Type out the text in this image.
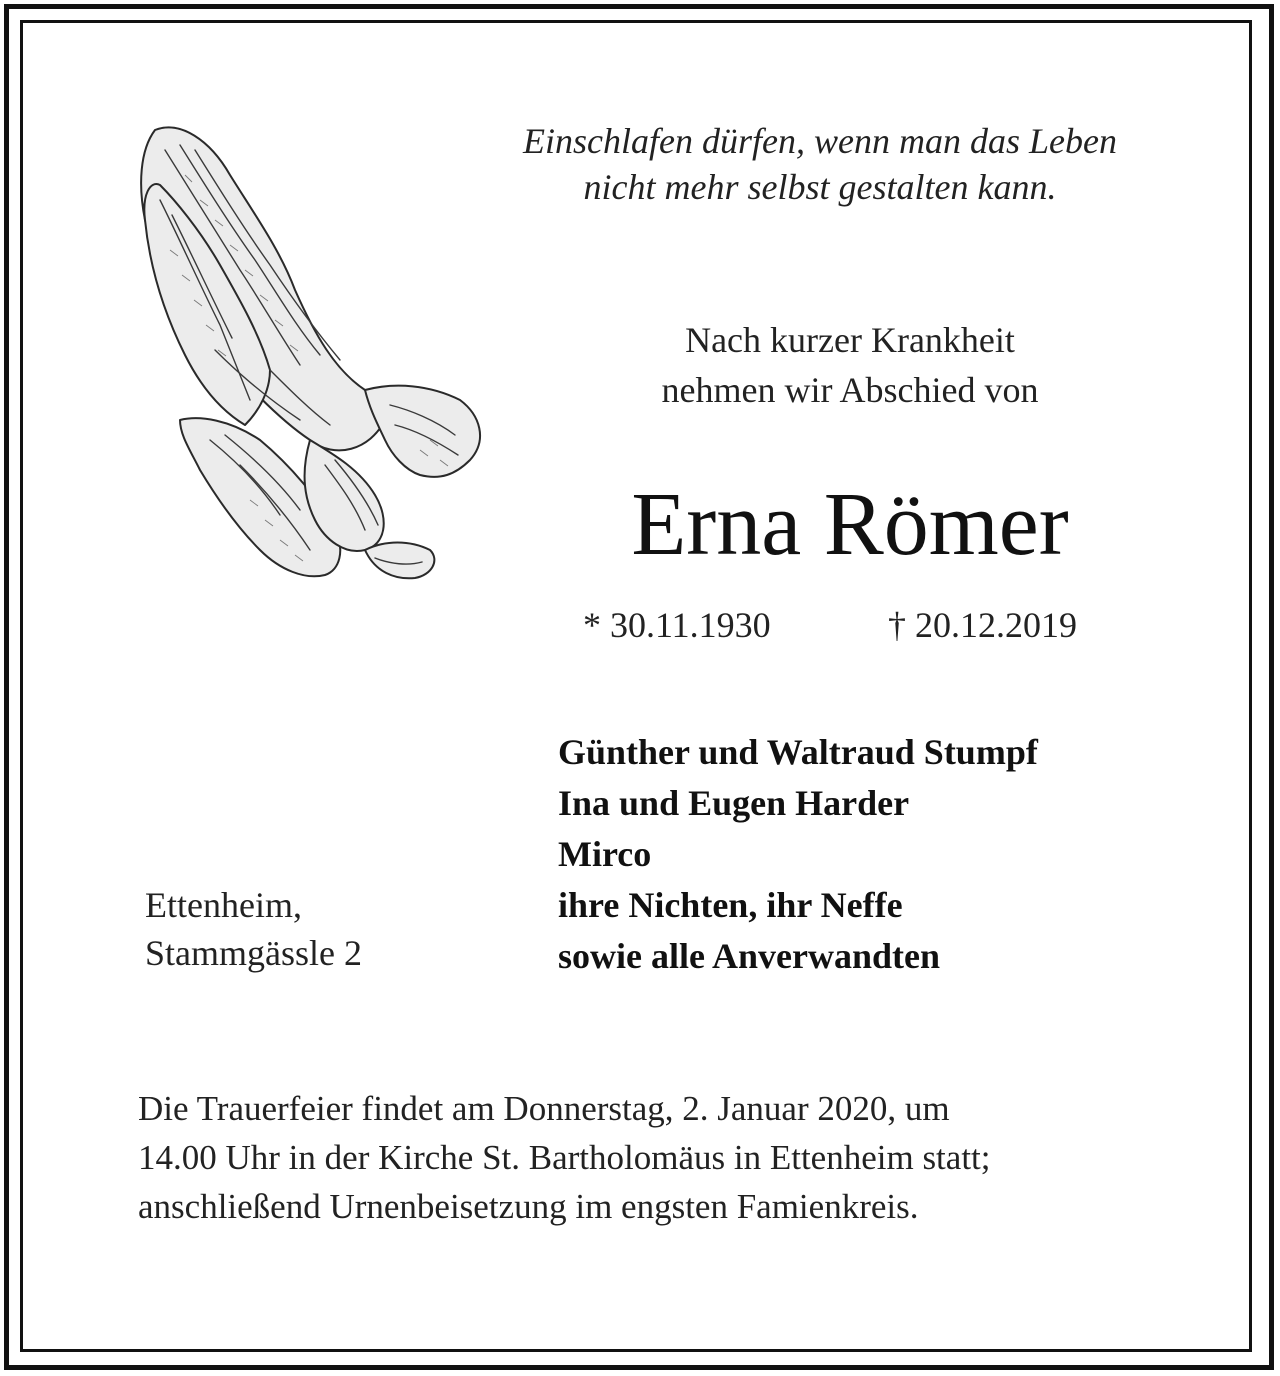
Einschlafen dürfen, wenn man das Leben

nicht mehr selbst gestalten kann.

Nach kurzer Krankheit

nehmen wir Abschied von

Erna Römer

* 30.11.1930	† 20.12.2019

Günther und Waltraud Stumpf

Ina und Eugen Harder

Mirco

ihre Nichten, ihr Neffe

sowie alle Anverwandten

Ettenheim,

Stammgässle 2

Die Trauerfeier findet am Donnerstag, 2. Januar 2020, um

14.00 Uhr in der Kirche St. Bartholomäus in Ettenheim statt;

anschließend Urnenbeisetzung im engsten Famienkreis.
